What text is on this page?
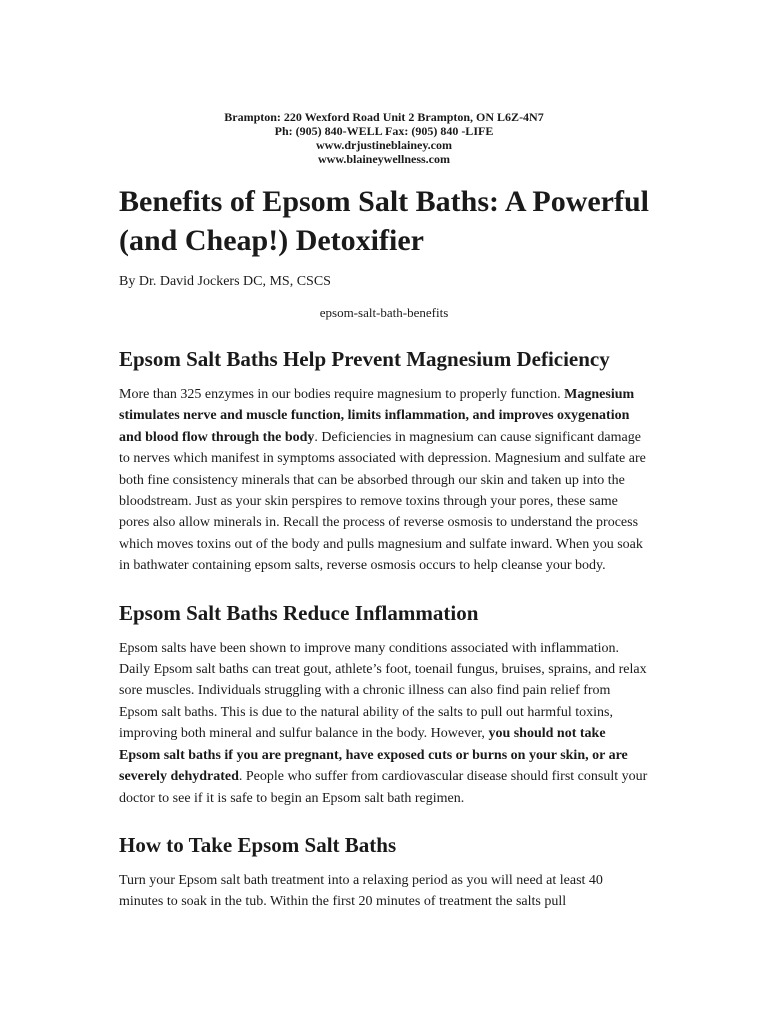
Brampton: 220 Wexford Road Unit 2 Brampton, ON L6Z-4N7
Ph: (905) 840-WELL Fax: (905) 840 -LIFE
www.drjustineblainey.com
www.blaineywellness.com
Benefits of Epsom Salt Baths: A Powerful (and Cheap!) Detoxifier

By Dr. David Jockers DC, MS, CSCS

epsom-salt-bath-benefits

Epsom Salt Baths Help Prevent Magnesium Deficiency

More than 325 enzymes in our bodies require magnesium to properly function. Magnesium stimulates nerve and muscle function, limits inflammation, and improves oxygenation and blood flow through the body. Deficiencies in magnesium can cause significant damage to nerves which manifest in symptoms associated with depression. Magnesium and sulfate are both fine consistency minerals that can be absorbed through our skin and taken up into the bloodstream. Just as your skin perspires to remove toxins through your pores, these same pores also allow minerals in. Recall the process of reverse osmosis to understand the process which moves toxins out of the body and pulls magnesium and sulfate inward. When you soak in bathwater containing epsom salts, reverse osmosis occurs to help cleanse your body.

Epsom Salt Baths Reduce Inflammation

Epsom salts have been shown to improve many conditions associated with inflammation. Daily Epsom salt baths can treat gout, athlete’s foot, toenail fungus, bruises, sprains, and relax sore muscles. Individuals struggling with a chronic illness can also find pain relief from Epsom salt baths. This is due to the natural ability of the salts to pull out harmful toxins, improving both mineral and sulfur balance in the body. However, you should not take Epsom salt baths if you are pregnant, have exposed cuts or burns on your skin, or are severely dehydrated. People who suffer from cardiovascular disease should first consult your doctor to see if it is safe to begin an Epsom salt bath regimen.

How to Take Epsom Salt Baths

Turn your Epsom salt bath treatment into a relaxing period as you will need at least 40 minutes to soak in the tub. Within the first 20 minutes of treatment the salts pull
